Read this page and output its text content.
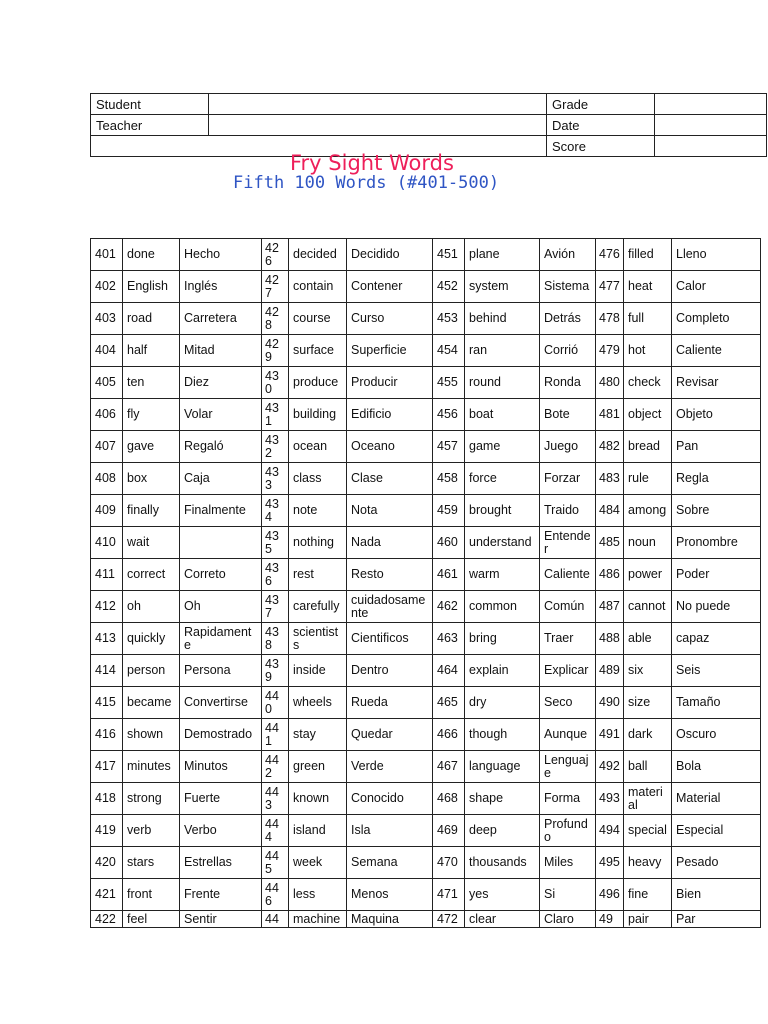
Student		Grade	
Teacher		Date	
		Score	
Fry Sight Words
Fifth 100 Words (#401-500)
401	done	Hecho	426	decided	Decidido	451	plane	Avión	476	filled	Lleno
402	English	Inglés	427	contain	Contener	452	system	Sistema	477	heat	Calor
403	road	Carretera	428	course	Curso	453	behind	Detrás	478	full	Completo
404	half	Mitad	429	surface	Superficie	454	ran	Corrió	479	hot	Caliente
405	ten	Diez	430	produce	Producir	455	round	Ronda	480	check	Revisar
406	fly	Volar	431	building	Edificio	456	boat	Bote	481	object	Objeto
407	gave	Regaló	432	ocean	Oceano	457	game	Juego	482	bread	Pan
408	box	Caja	433	class	Clase	458	force	Forzar	483	rule	Regla
409	finally	Finalmente	434	note	Nota	459	brought	Traido	484	among	Sobre
410	wait		435	nothing	Nada	460	understand	Entender	485	noun	Pronombre
411	correct	Correto	436	rest	Resto	461	warm	Caliente	486	power	Poder
412	oh	Oh	437	carefully	cuidadosamente	462	common	Común	487	cannot	No puede
413	quickly	Rapidamente	438	scientists	Cientificos	463	bring	Traer	488	able	capaz
414	person	Persona	439	inside	Dentro	464	explain	Explicar	489	six	Seis
415	became	Convertirse	440	wheels	Rueda	465	dry	Seco	490	size	Tamaño
416	shown	Demostrado	441	stay	Quedar	466	though	Aunque	491	dark	Oscuro
417	minutes	Minutos	442	green	Verde	467	language	Lenguaje	492	ball	Bola
418	strong	Fuerte	443	known	Conocido	468	shape	Forma	493	material	Material
419	verb	Verbo	444	island	Isla	469	deep	Profundo	494	special	Especial
420	stars	Estrellas	445	week	Semana	470	thousands	Miles	495	heavy	Pesado
421	front	Frente	446	less	Menos	471	yes	Si	496	fine	Bien
422	feel	Sentir	44	machine	Maquina	472	clear	Claro	49	pair	Par
